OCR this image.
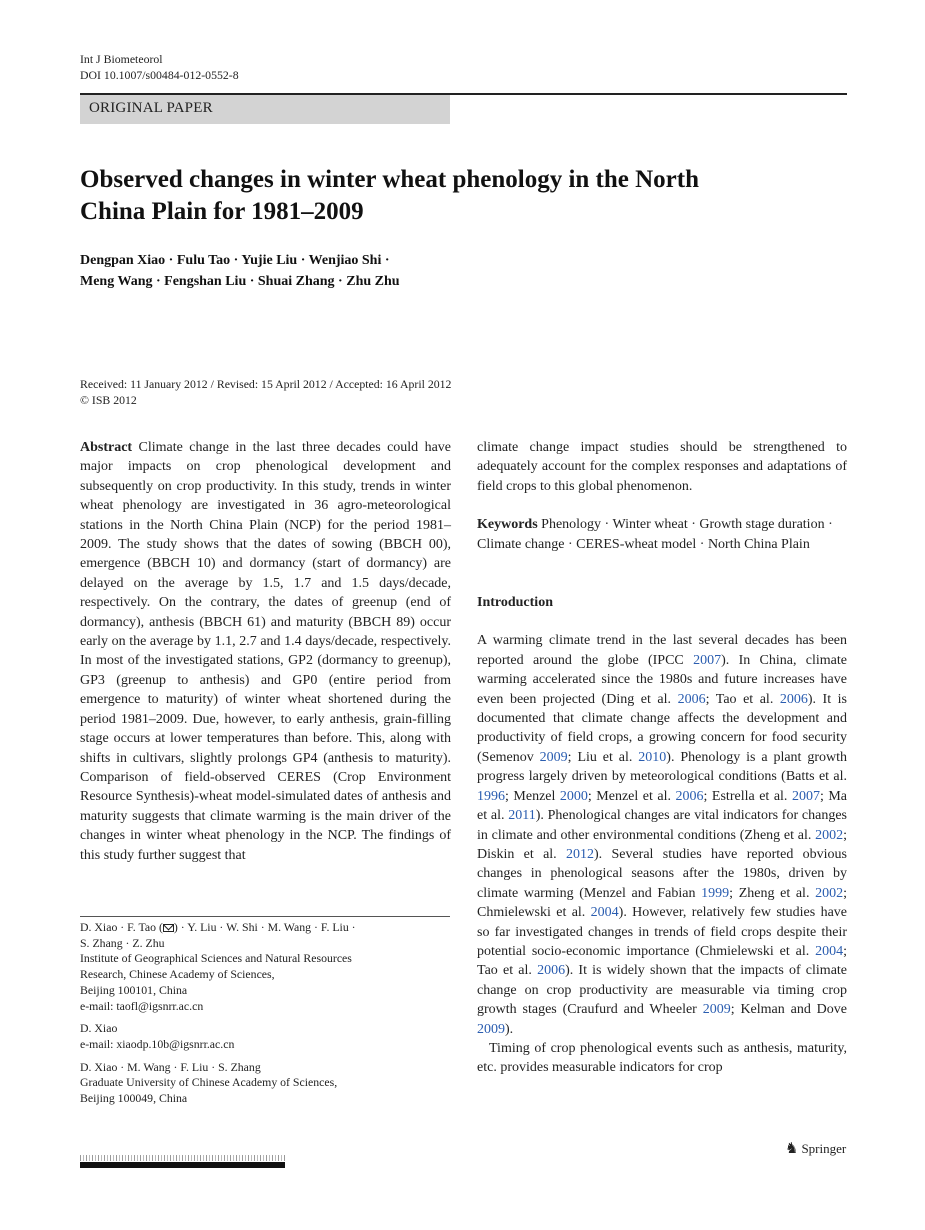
Int J Biometeorol
DOI 10.1007/s00484-012-0552-8
ORIGINAL PAPER
Observed changes in winter wheat phenology in the North
China Plain for 1981–2009
Dengpan Xiao · Fulu Tao · Yujie Liu · Wenjiao Shi ·
Meng Wang · Fengshan Liu · Shuai Zhang · Zhu Zhu
Received: 11 January 2012 / Revised: 15 April 2012 / Accepted: 16 April 2012
© ISB 2012

Abstract Climate change in the last three decades could have major impacts on crop phenological development and subsequently on crop productivity. In this study, trends in winter wheat phenology are investigated in 36 agro-meteorological stations in the North China Plain (NCP) for the period 1981–2009. The study shows that the dates of sowing (BBCH 00), emergence (BBCH 10) and dormancy (start of dormancy) are delayed on the average by 1.5, 1.7 and 1.5 days/decade, respectively. On the contrary, the dates of greenup (end of dormancy), anthesis (BBCH 61) and maturity (BBCH 89) occur early on the average by 1.1, 2.7 and 1.4 days/decade, respectively. In most of the investigated stations, GP2 (dormancy to greenup), GP3 (greenup to anthesis) and GP0 (entire period from emergence to maturity) of winter wheat shortened during the period 1981–2009. Due, however, to early anthesis, grain-filling stage occurs at lower temperatures than before. This, along with shifts in cultivars, slightly prolongs GP4 (anthesis to maturity). Comparison of field-observed CERES (Crop Environment Resource Synthesis)-wheat model-simulated dates of anthesis and maturity suggests that climate warming is the main driver of the changes in winter wheat phenology in the NCP. The findings of this study further suggest that

climate change impact studies should be strengthened to adequately account for the complex responses and adaptations of field crops to this global phenomenon.

Keywords Phenology · Winter wheat · Growth stage duration · Climate change · CERES-wheat model · North China Plain

Introduction

A warming climate trend in the last several decades has been reported around the globe (IPCC 2007). In China, climate warming accelerated since the 1980s and future increases have even been projected (Ding et al. 2006; Tao et al. 2006). It is documented that climate change affects the development and productivity of field crops, a growing concern for food security (Semenov 2009; Liu et al. 2010). Phenology is a plant growth progress largely driven by meteorological conditions (Batts et al. 1996; Menzel 2000; Menzel et al. 2006; Estrella et al. 2007; Ma et al. 2011). Phenological changes are vital indicators for changes in climate and other environmental conditions (Zheng et al. 2002; Diskin et al. 2012). Several studies have reported obvious changes in phenological seasons after the 1980s, driven by climate warming (Menzel and Fabian 1999; Zheng et al. 2002; Chmielewski et al. 2004). However, relatively few studies have so far investigated changes in trends of field crops despite their potential socio-economic importance (Chmielewski et al. 2004; Tao et al. 2006). It is widely shown that the impacts of climate change on crop productivity are measurable via timing crop growth stages (Craufurd and Wheeler 2009; Kelman and Dove 2009).

Timing of crop phenological events such as anthesis, maturity, etc. provides measurable indicators for crop

D. Xiao · F. Tao ( ) · Y. Liu · W. Shi · M. Wang · F. Liu ·
S. Zhang · Z. Zhu
Institute of Geographical Sciences and Natural Resources
Research, Chinese Academy of Sciences,
Beijing 100101, China
e-mail: taofl@igsnrr.ac.cn

D. Xiao
e-mail: xiaodp.10b@igsnrr.ac.cn

D. Xiao · M. Wang · F. Liu · S. Zhang
Graduate University of Chinese Academy of Sciences,
Beijing 100049, China

♞ Springer
